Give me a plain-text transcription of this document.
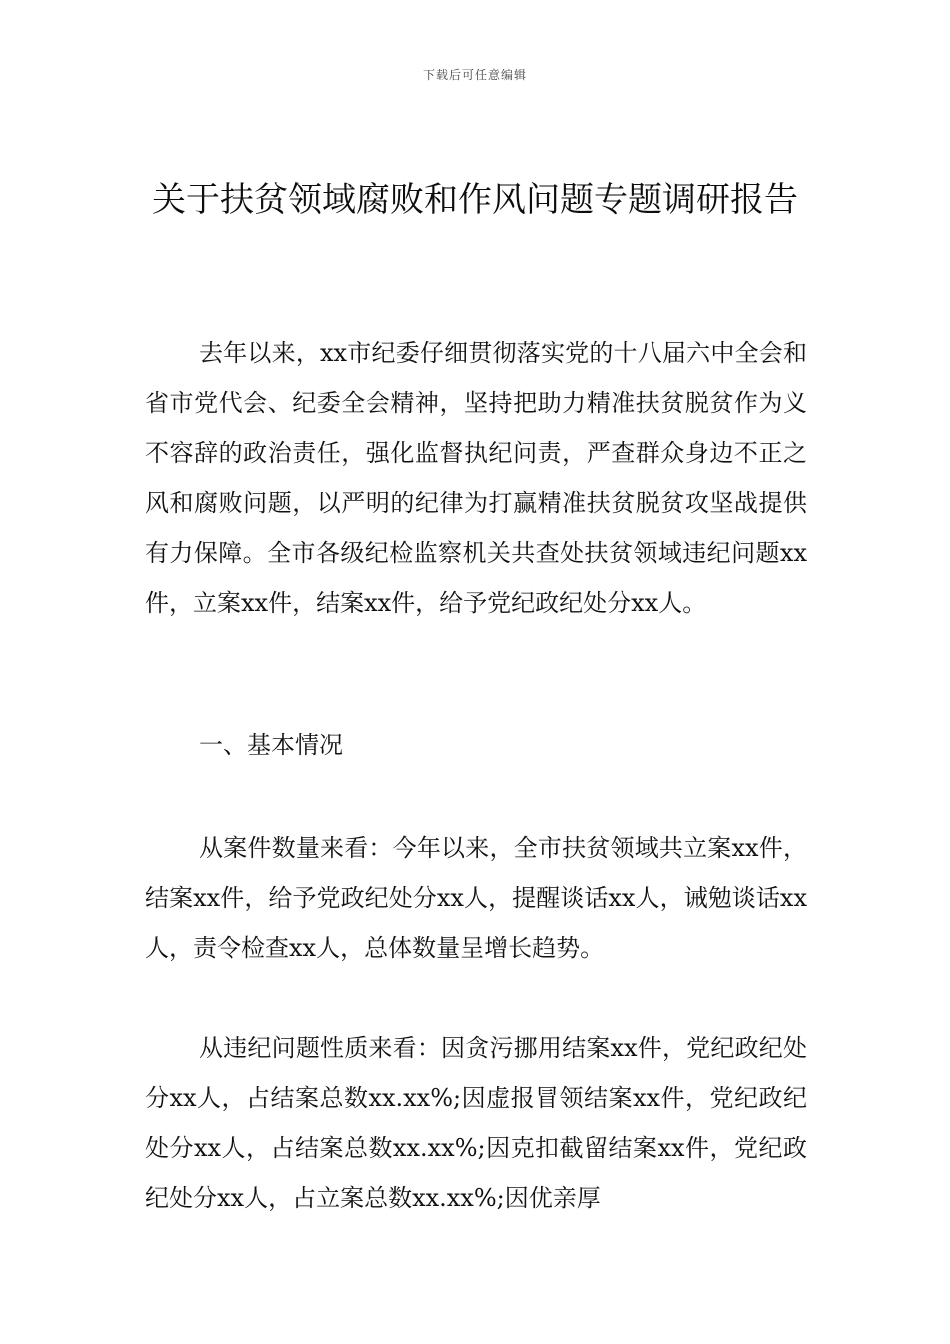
下载后可任意编辑
关于扶贫领域腐败和作风问题专题调研报告

去年以来，xx市纪委仔细贯彻落实党的十八届六中全会和省市党代会、纪委全会精神，坚持把助力精准扶贫脱贫作为义不容辞的政治责任，强化监督执纪问责，严查群众身边不正之风和腐败问题，以严明的纪律为打赢精准扶贫脱贫攻坚战提供有力保障。全市各级纪检监察机关共查处扶贫领域违纪问题xx件，立案xx件，结案xx件，给予党纪政纪处分xx人。

一、基本情况

从案件数量来看：今年以来，全市扶贫领域共立案xx件，结案xx件，给予党政纪处分xx人，提醒谈话xx人，诫勉谈话xx人，责令检查xx人，总体数量呈增长趋势。

从违纪问题性质来看：因贪污挪用结案xx件，党纪政纪处分xx人，占结案总数xx.xx%;因虚报冒领结案xx件，党纪政纪处分xx人，占结案总数xx.xx%;因克扣截留结案xx件，党纪政纪处分xx人，占立案总数xx.xx%;因优亲厚
